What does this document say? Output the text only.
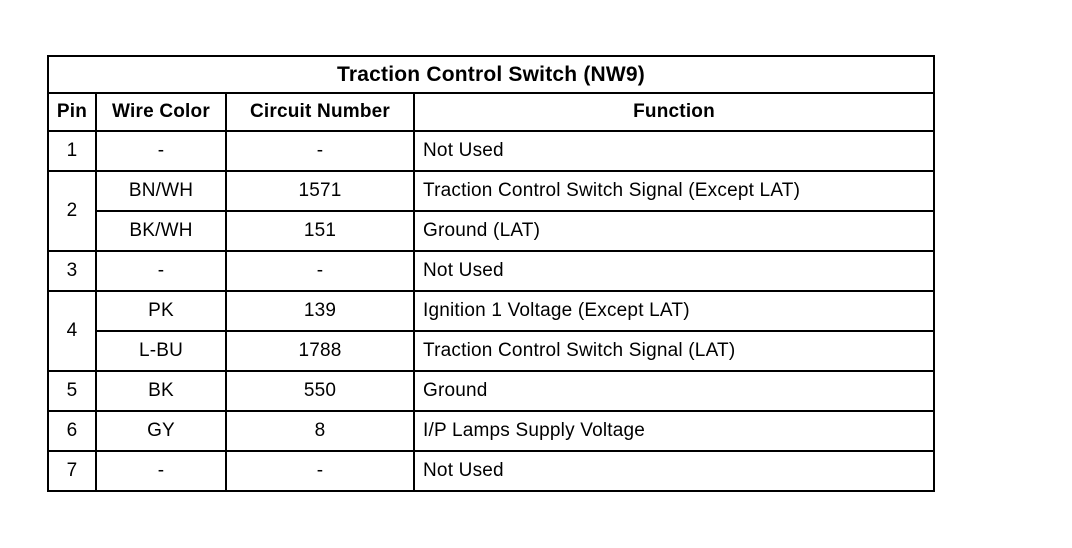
Traction Control Switch (NW9)			

Pin	Wire Color	Circuit Number	Function

1	-	-	Not Used

2	BN/WH	1571	Traction Control Switch Signal (Except LAT)

BK/WH	151	Ground (LAT)

3	-	-	Not Used

4	PK	139	Ignition 1 Voltage (Except LAT)

L-BU	1788	Traction Control Switch Signal (LAT)

5	BK	550	Ground

6	GY	8	I/P Lamps Supply Voltage

7	-	-	Not Used
